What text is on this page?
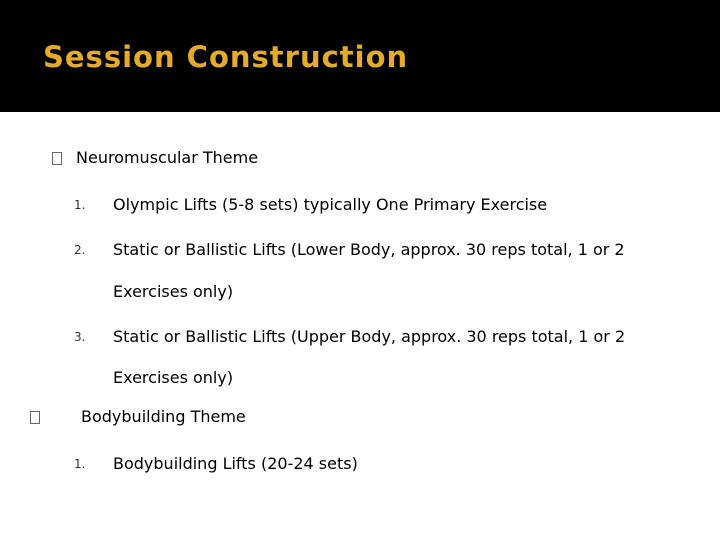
Session Construction
Neuromuscular Theme
1. Olympic Lifts (5-8 sets) typically One Primary Exercise
2. Static or Ballistic Lifts (Lower Body, approx. 30 reps total, 1 or 2
Exercises only)
3. Static or Ballistic Lifts (Upper Body, approx. 30 reps total, 1 or 2
Exercises only)
Bodybuilding Theme
1. Bodybuilding Lifts (20-24 sets)
